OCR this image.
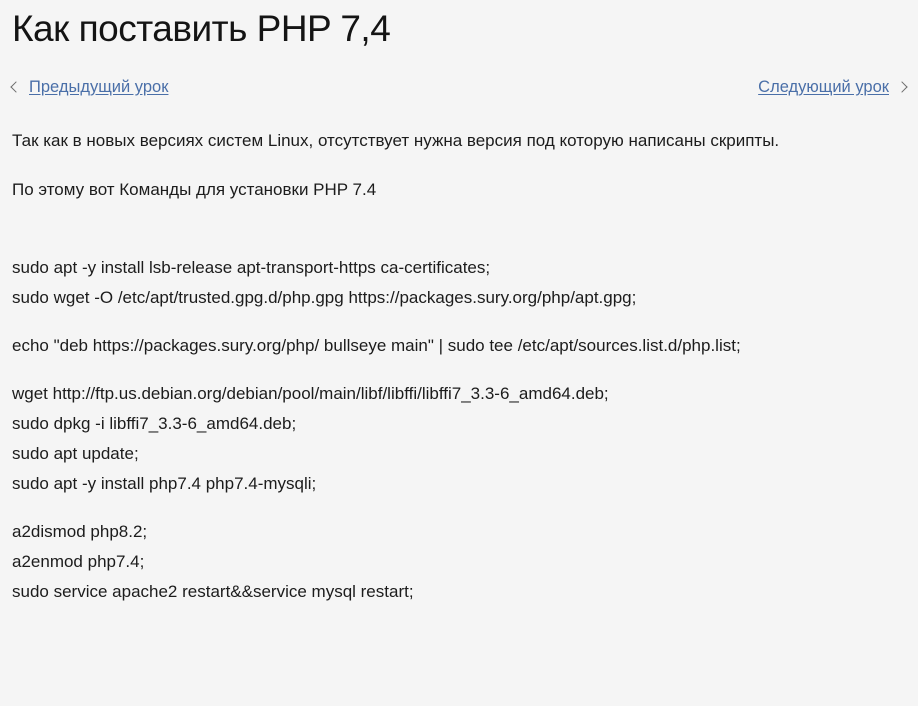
Как поставить PHP 7,4
Предыдущий урок	Следующий урок

Так как в новых версиях систем Linux, отсутствует нужна версия под которую написаны скрипты.

По этому вот Команды для установки PHP 7.4

sudo apt -y install lsb-release apt-transport-https ca-certificates;
sudo wget -O /etc/apt/trusted.gpg.d/php.gpg https://packages.sury.org/php/apt.gpg;
echo "deb https://packages.sury.org/php/ bullseye main" | sudo tee /etc/apt/sources.list.d/php.list;
wget http://ftp.us.debian.org/debian/pool/main/libf/libffi/libffi7_3.3-6_amd64.deb;
sudo dpkg -i libffi7_3.3-6_amd64.deb;
sudo apt update;
sudo apt -y install php7.4 php7.4-mysqli;
a2dismod php8.2;
a2enmod php7.4;
sudo service apache2 restart&&service mysql restart;
